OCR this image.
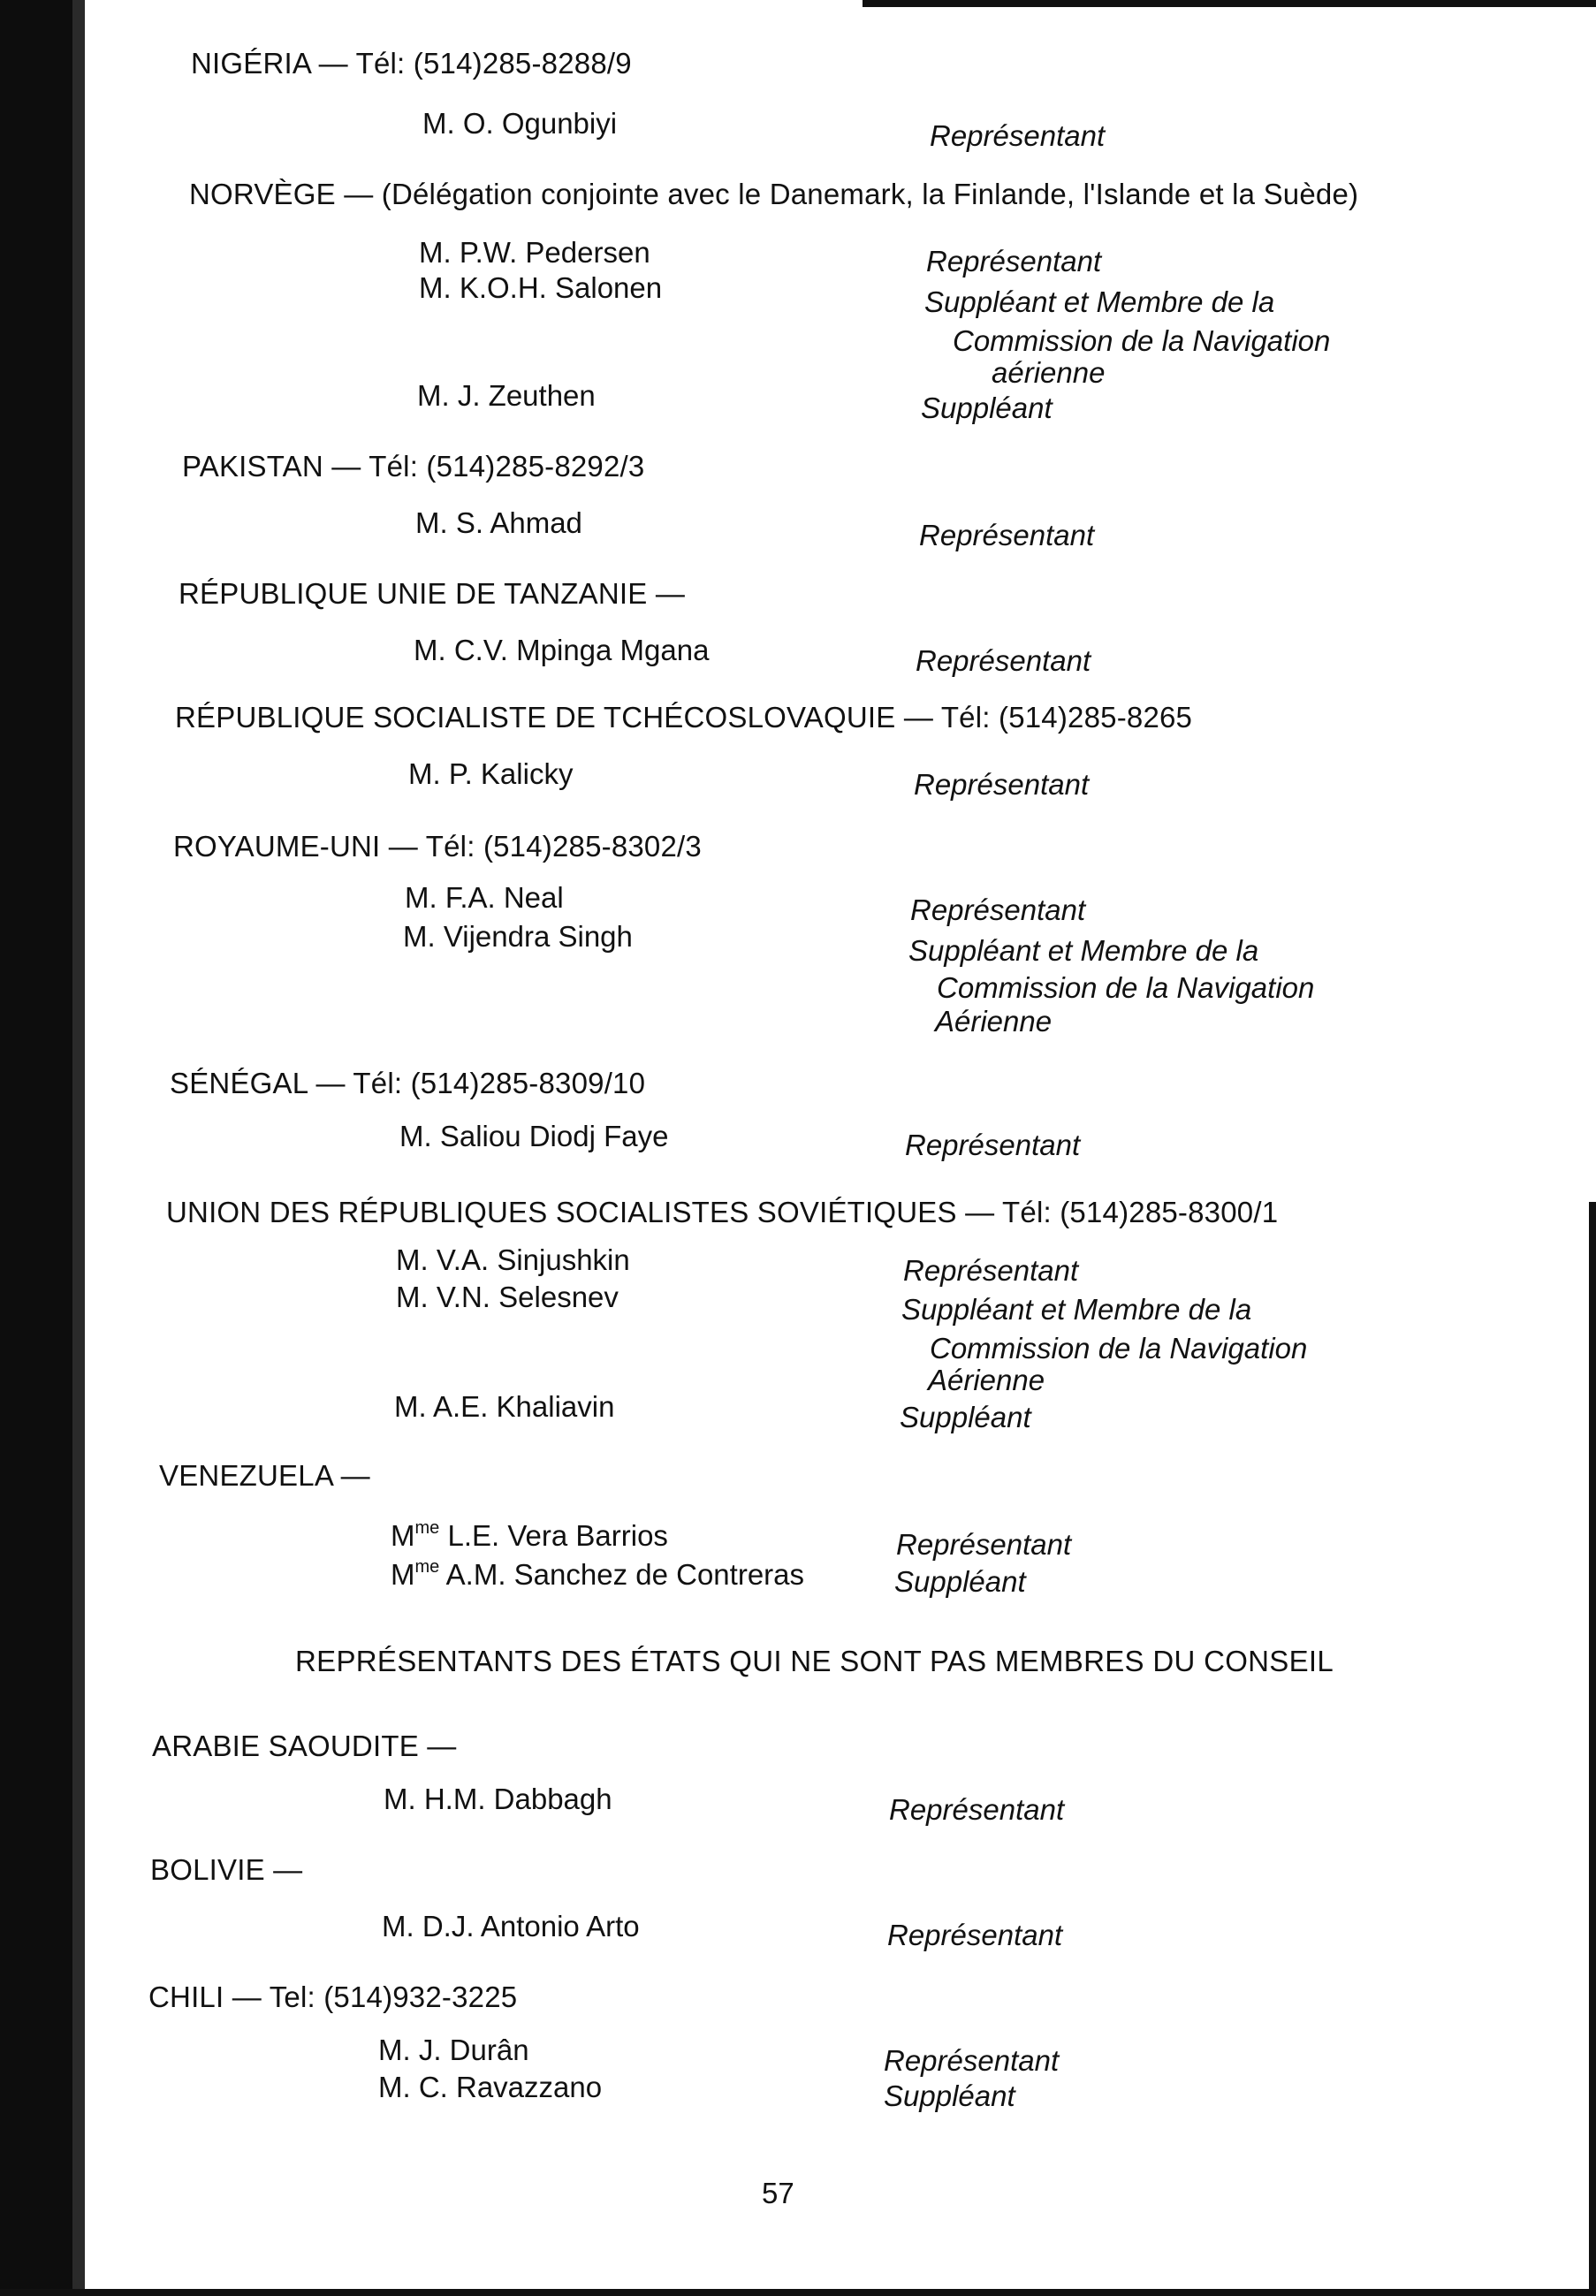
NIGÉRIA — Tél: (514)285-8288/9
M. O. Ogunbiyi	Représentant
NORVÈGE — (Délégation conjointe avec le Danemark, la Finlande, l'Islande et la Suède)
M. P.W. Pedersen	Représentant
M. K.O.H. Salonen	Suppléant et Membre de la
Commission de la Navigation
aérienne
M. J. Zeuthen	Suppléant
PAKISTAN — Tél: (514)285-8292/3
M. S. Ahmad	Représentant
RÉPUBLIQUE UNIE DE TANZANIE —
M. C.V. Mpinga Mgana	Représentant
RÉPUBLIQUE SOCIALISTE DE TCHÉCOSLOVAQUIE — Tél: (514)285-8265
M. P. Kalicky	Représentant
ROYAUME-UNI — Tél: (514)285-8302/3
M. F.A. Neal	Représentant
M. Vijendra Singh	Suppléant et Membre de la
Commission de la Navigation
Aérienne
SÉNÉGAL — Tél: (514)285-8309/10
M. Saliou Diodj Faye	Représentant
UNION DES RÉPUBLIQUES SOCIALISTES SOVIÉTIQUES — Tél: (514)285-8300/1
M. V.A. Sinjushkin	Représentant
M. V.N. Selesnev	Suppléant et Membre de la
Commission de la Navigation
Aérienne
M. A.E. Khaliavin	Suppléant
VENEZUELA —
$M^{me}$ L.E. Vera Barrios	Représentant
$M^{me}$ A.M. Sanchez de Contreras	Suppléant
REPRÉSENTANTS DES ÉTATS QUI NE SONT PAS MEMBRES DU CONSEIL
ARABIE SAOUDITE —
M. H.M. Dabbagh	Représentant
BOLIVIE —
M. D.J. Antonio Arto	Représentant
CHILI — Tel: (514)932-3225
M. J. Durân	Représentant
M. C. Ravazzano	Suppléant
57
